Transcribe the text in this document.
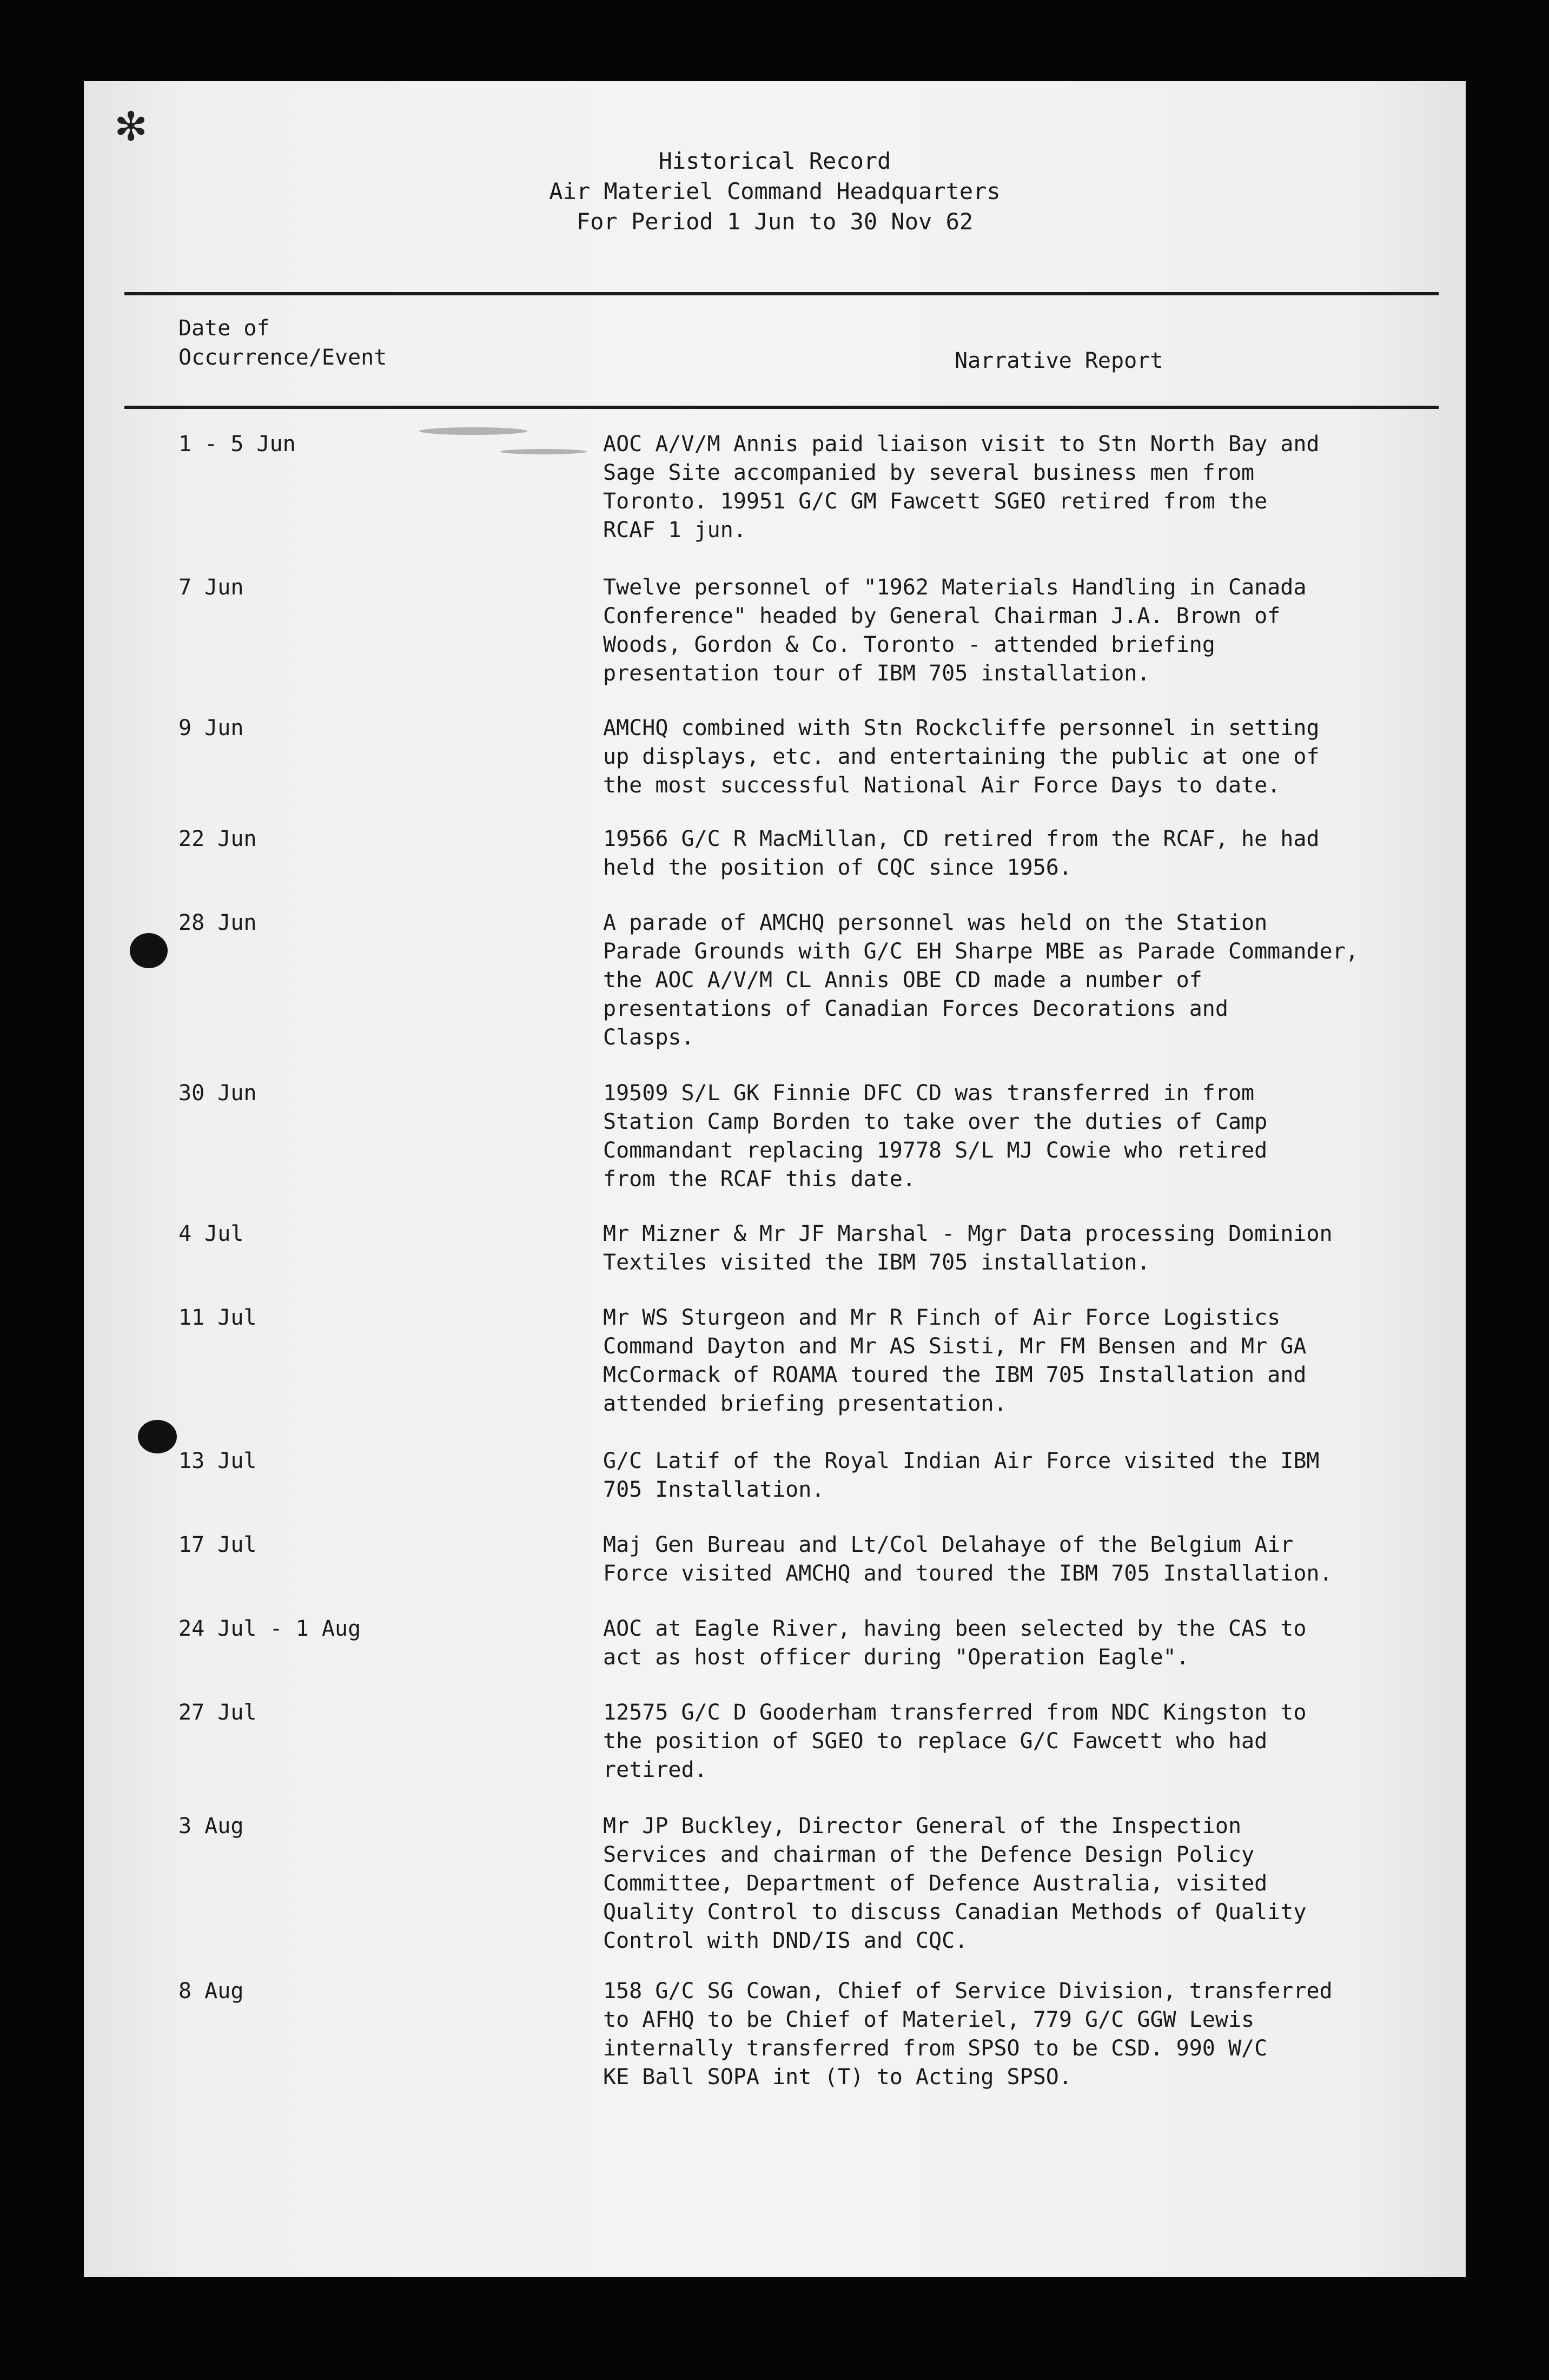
✻

Historical Record

Air Materiel Command Headquarters

For Period 1 Jun to 30 Nov 62

Date of
Occurrence/Event	Narrative Report
1 - 5 Jun	AOC A/V/M Annis paid liaison visit to Stn North Bay and
Sage Site accompanied by several business men from
Toronto. 19951 G/C GM Fawcett SGEO retired from the
RCAF 1 jun.
7 Jun	Twelve personnel of "1962 Materials Handling in Canada
Conference" headed by General Chairman J.A. Brown of
Woods, Gordon & Co. Toronto - attended briefing
presentation tour of IBM 705 installation.
9 Jun	AMCHQ combined with Stn Rockcliffe personnel in setting
up displays, etc. and entertaining the public at one of
the most successful National Air Force Days to date.
22 Jun	19566 G/C R MacMillan, CD retired from the RCAF, he had
held the position of CQC since 1956.
28 Jun	A parade of AMCHQ personnel was held on the Station
Parade Grounds with G/C EH Sharpe MBE as Parade Commander,
the AOC A/V/M CL Annis OBE CD made a number of
presentations of Canadian Forces Decorations and
Clasps.
30 Jun	19509 S/L GK Finnie DFC CD was transferred in from
Station Camp Borden to take over the duties of Camp
Commandant replacing 19778 S/L MJ Cowie who retired
from the RCAF this date.
4 Jul	Mr Mizner & Mr JF Marshal - Mgr Data processing Dominion
Textiles visited the IBM 705 installation.
11 Jul	Mr WS Sturgeon and Mr R Finch of Air Force Logistics
Command Dayton and Mr AS Sisti, Mr FM Bensen and Mr GA
McCormack of ROAMA toured the IBM 705 Installation and
attended briefing presentation.
13 Jul	G/C Latif of the Royal Indian Air Force visited the IBM
705 Installation.
17 Jul	Maj Gen Bureau and Lt/Col Delahaye of the Belgium Air
Force visited AMCHQ and toured the IBM 705 Installation.
24 Jul - 1 Aug	AOC at Eagle River, having been selected by the CAS to
act as host officer during "Operation Eagle".
27 Jul	12575 G/C D Gooderham transferred from NDC Kingston to
the position of SGEO to replace G/C Fawcett who had
retired.
3 Aug	Mr JP Buckley, Director General of the Inspection
Services and chairman of the Defence Design Policy
Committee, Department of Defence Australia, visited
Quality Control to discuss Canadian Methods of Quality
Control with DND/IS and CQC.
8 Aug	158 G/C SG Cowan, Chief of Service Division, transferred
to AFHQ to be Chief of Materiel, 779 G/C GGW Lewis
internally transferred from SPSO to be CSD. 990 W/C
KE Ball SOPA int (T) to Acting SPSO.
